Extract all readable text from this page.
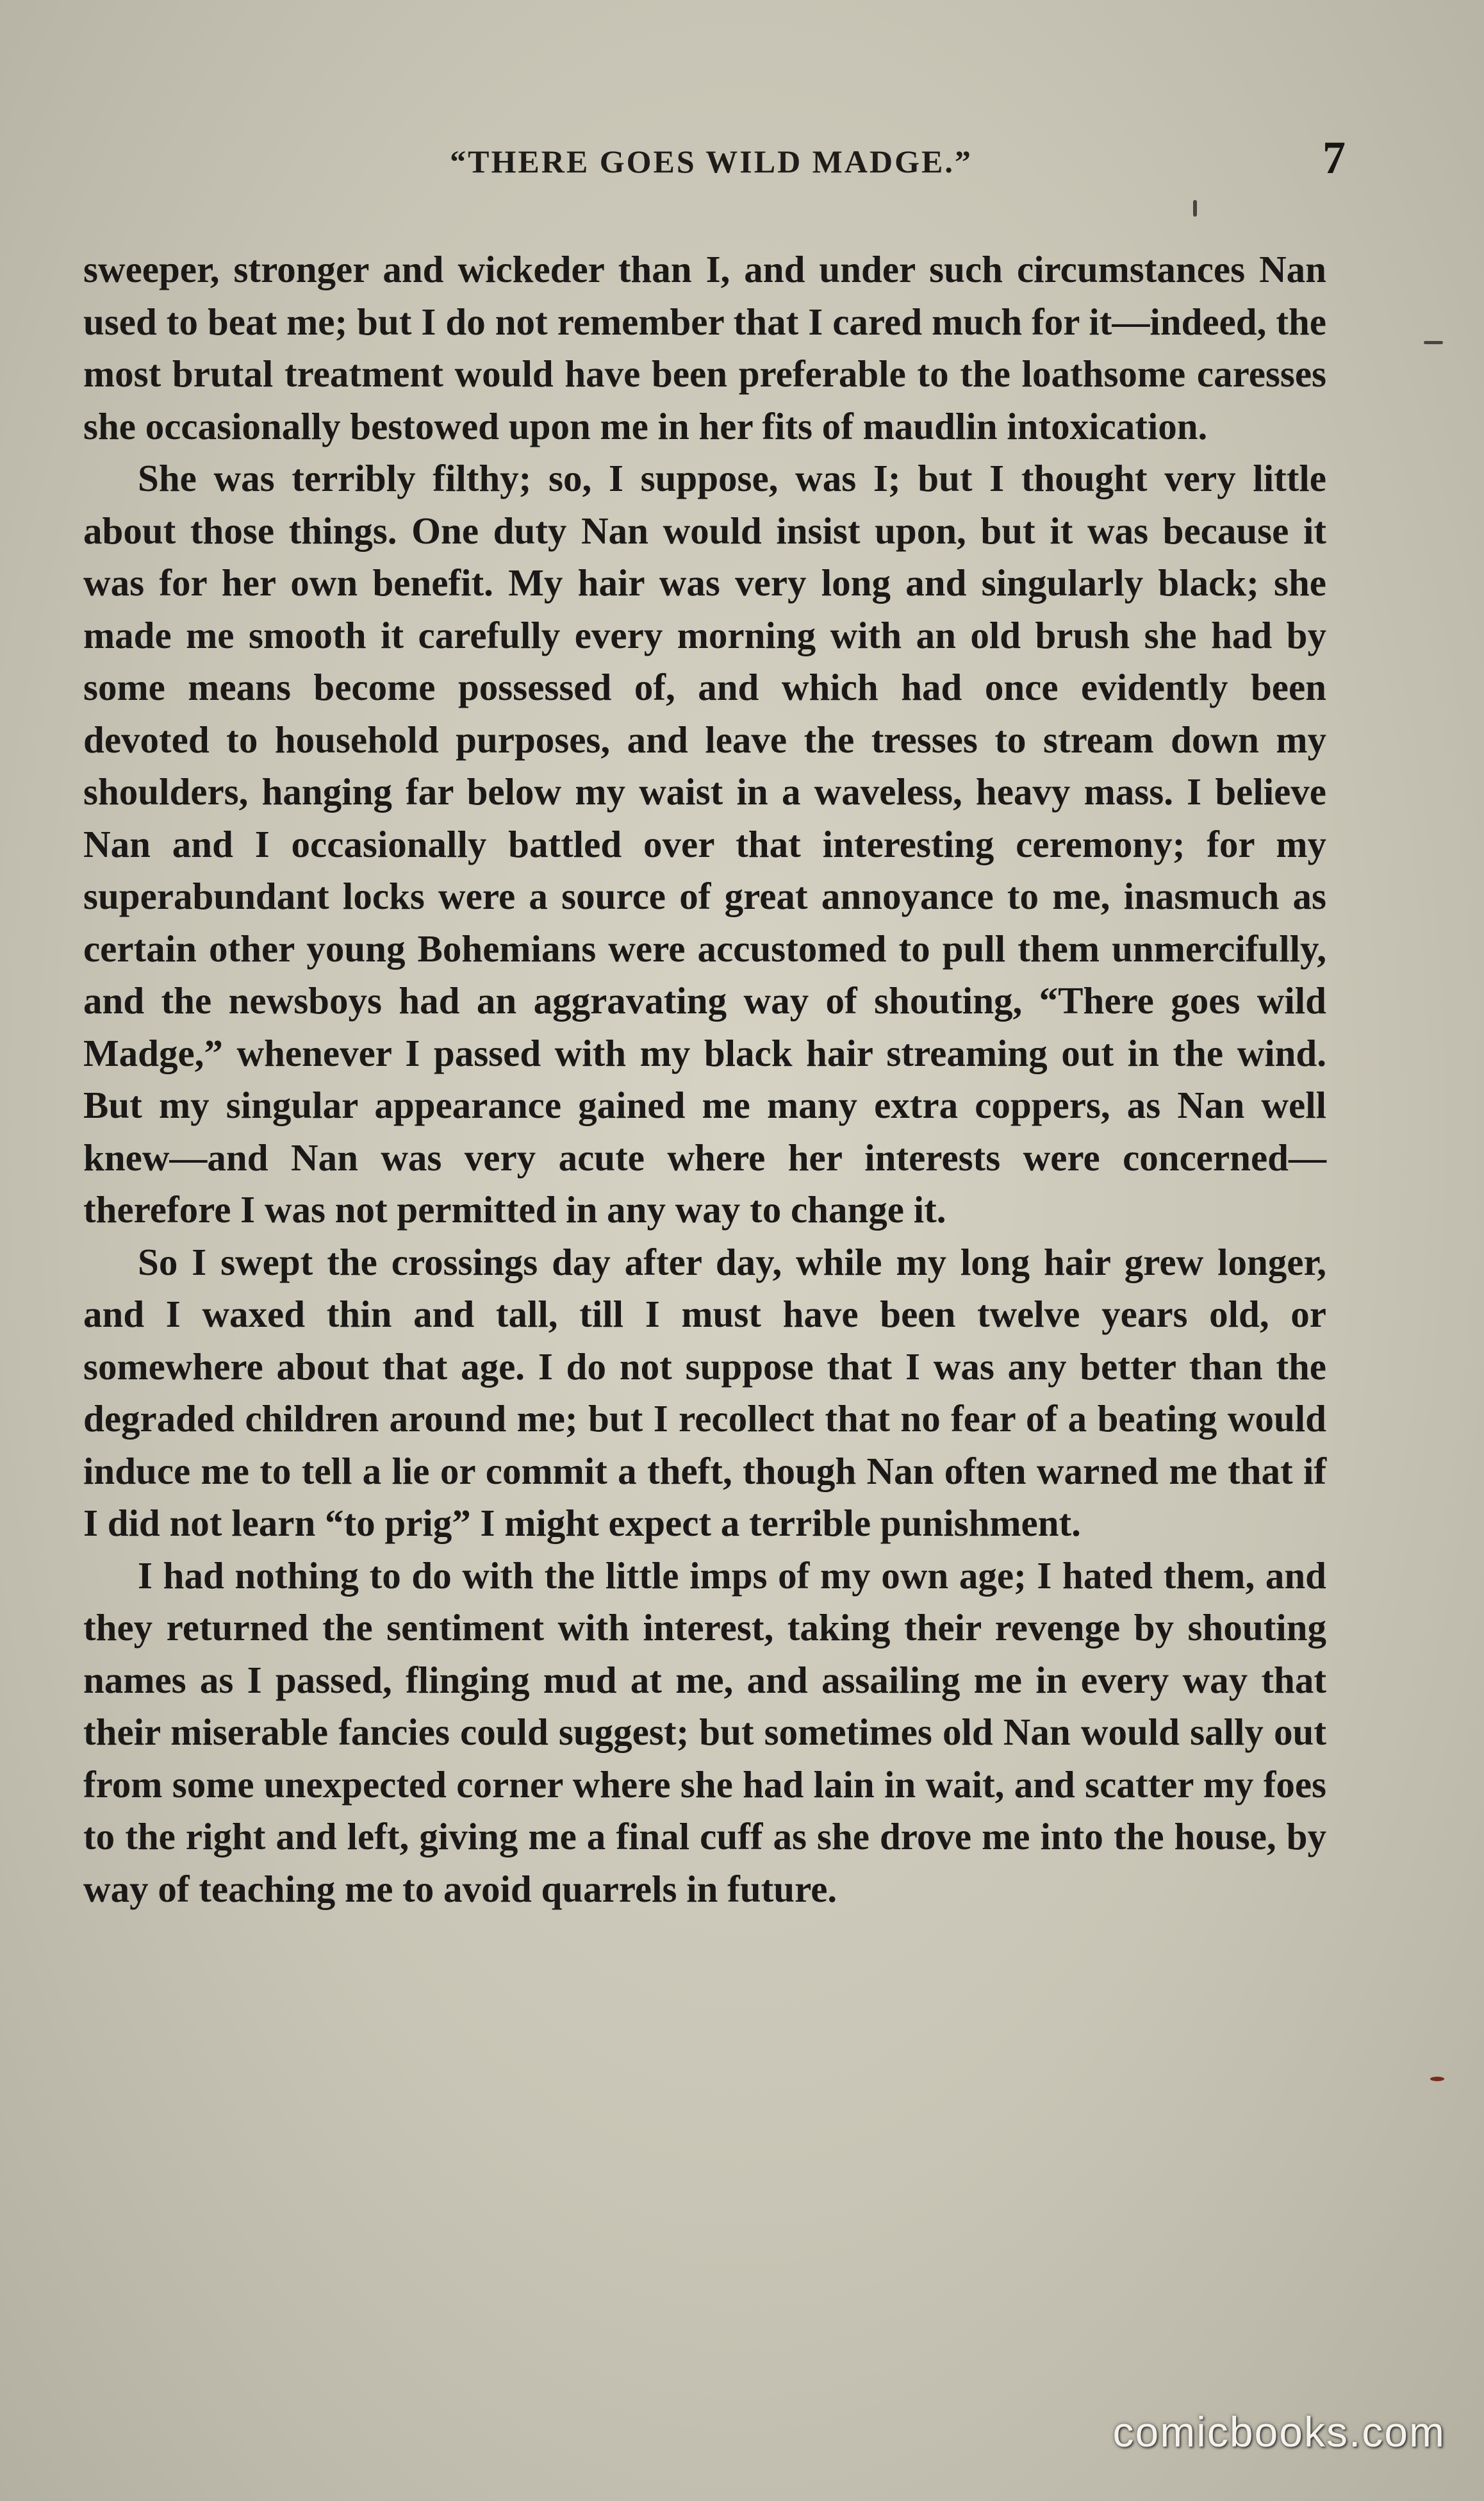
“THERE GOES WILD MADGE.”	7

sweeper, stronger and wickeder than I, and under such circumstances Nan used to beat me; but I do not remember that I cared much for it—indeed, the most brutal treatment would have been preferable to the loathsome caresses she occasionally bestowed upon me in her fits of maudlin intoxication.

She was terribly filthy; so, I suppose, was I; but I thought very little about those things. One duty Nan would insist upon, but it was because it was for her own benefit. My hair was very long and singularly black; she made me smooth it carefully every morning with an old brush she had by some means become possessed of, and which had once evidently been devoted to household purposes, and leave the tresses to stream down my shoulders, hanging far below my waist in a waveless, heavy mass. I believe Nan and I occasionally battled over that interesting ceremony; for my superabundant locks were a source of great annoyance to me, inasmuch as certain other young Bohemians were accustomed to pull them unmercifully, and the newsboys had an aggravating way of shouting, “There goes wild Madge,” whenever I passed with my black hair streaming out in the wind. But my singular appearance gained me many extra coppers, as Nan well knew—and Nan was very acute where her interests were concerned—therefore I was not permitted in any way to change it.

So I swept the crossings day after day, while my long hair grew longer, and I waxed thin and tall, till I must have been twelve years old, or somewhere about that age. I do not suppose that I was any better than the degraded children around me; but I recollect that no fear of a beating would induce me to tell a lie or commit a theft, though Nan often warned me that if I did not learn “to prig” I might expect a terrible punishment.

I had nothing to do with the little imps of my own age; I hated them, and they returned the sentiment with interest, taking their revenge by shouting names as I passed, flinging mud at me, and assailing me in every way that their miserable fancies could suggest; but sometimes old Nan would sally out from some unexpected corner where she had lain in wait, and scatter my foes to the right and left, giving me a final cuff as she drove me into the house, by way of teaching me to avoid quarrels in future.

comicbooks.com
